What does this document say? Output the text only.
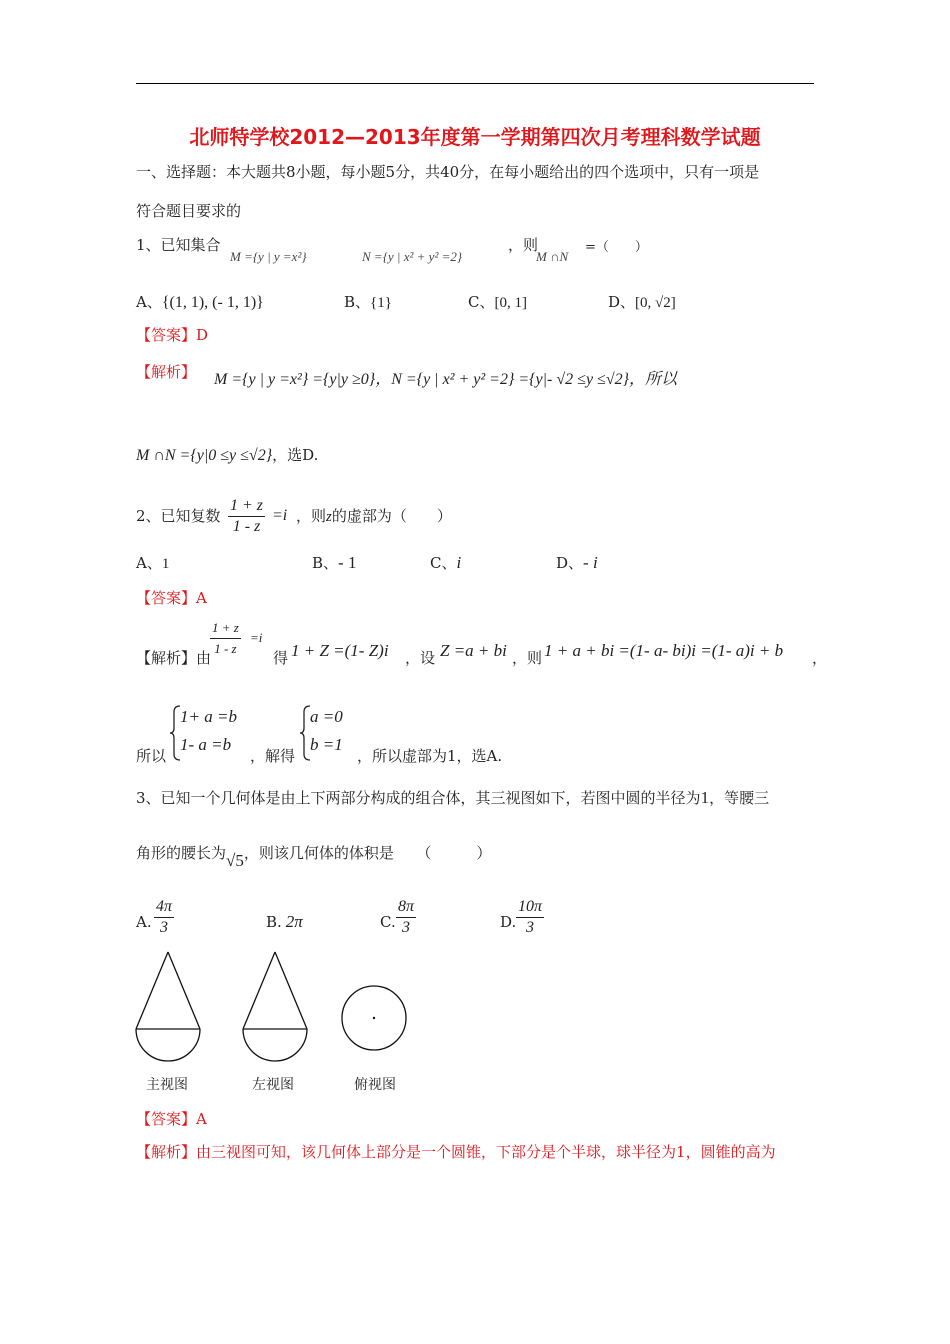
北师特学校2012—2013年度第一学期第四次月考理科数学试题
一、选择题：本大题共8小题，每小题5分，共40分，在每小题给出的四个选项中，只有一项是
符合题目要求的
1、已知集合
M ={y | y =x²}	N ={y | x² + y² =2}
，则
M ∩N
=（　　）
A、{(1, 1), (- 1, 1)}	B、{1}	C、[0, 1]	D、[0, √2]
【答案】D
【解析】 M ={y | y =x²} ={y|y ≥0}，N ={y | x² + y² =2} ={y|- √2 ≤y ≤√2}，所以
M ∩N ={y|0 ≤y ≤√2}，选D.
2、已知复数 $\frac{1 + z}{1 - z} =i$ ，则z的虚部为（　　）
A、1	B、- 1	C、i	D、- i
【答案】A
【解析】由
$\frac{1 + z}{1 - z} =i$
得 1 + Z =(1- Z)i ，设 Z =a + bi ，则 1 + a + bi =(1- a- bi)i =(1- a)i + b ，
所以
1+ a =b
1- a =b
，解得
a =0
b =1
，所以虚部为1，选A.
3、已知一个几何体是由上下两部分构成的组合体，其三视图如下，若图中圆的半径为1，等腰三
角形的腰长为√5，则该几何体的体积是　　（　　　）
A. $\frac{4\pi}{3}$	B. 2π	C. $\frac{8\pi}{3}$	D. $\frac{10\pi}{3}$
主视图	左视图	俯视图
【答案】A
【解析】由三视图可知，该几何体上部分是一个圆锥，下部分是个半球，球半径为1，圆锥的高为
